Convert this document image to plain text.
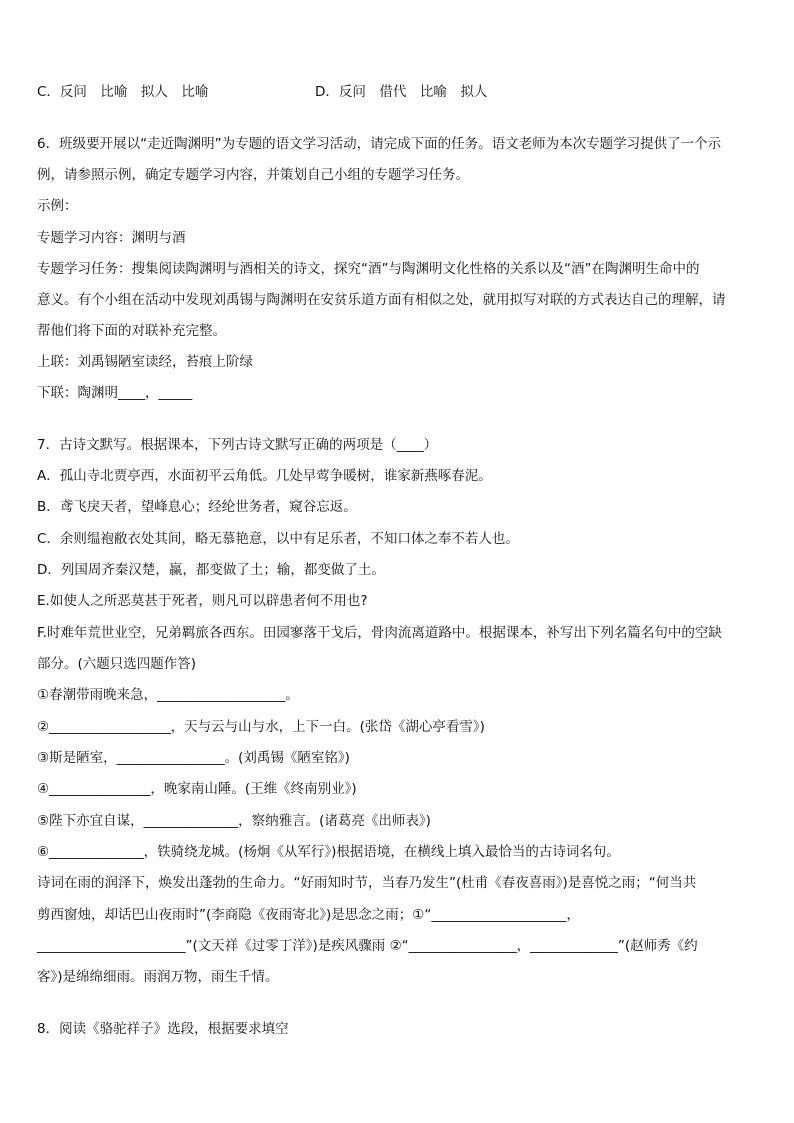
C．反问　比喻　拟人　比喻	D．反问　借代　比喻　拟人
6．班级要开展以“走近陶渊明”为专题的语文学习活动，请完成下面的任务。语文老师为本次专题学习提供了一个示
例，请参照示例，确定专题学习内容，并策划自己小组的专题学习任务。
示例：
专题学习内容：渊明与酒
专题学习任务：搜集阅读陶渊明与酒相关的诗文，探究“酒”与陶渊明文化性格的关系以及“酒”在陶渊明生命中的
意义。有个小组在活动中发现刘禹锡与陶渊明在安贫乐道方面有相似之处，就用拟写对联的方式表达自己的理解，请
帮他们将下面的对联补充完整。
上联：刘禹锡陋室读经，苔痕上阶绿
下联：陶渊明____，_____
7．古诗文默写。根据课本，下列古诗文默写正确的两项是（____）
A．孤山寺北贾亭西，水面初平云角低。几处早莺争暖树，谁家新燕啄春泥。
B．鸢飞戾天者，望峰息心；经纶世务者，窥谷忘返。
C．余则缊袍敝衣处其间，略无慕艳意，以中有足乐者，不知口体之奉不若人也。
D．列国周齐秦汉楚，赢，都变做了土；输，都变做了土。
E.如使人之所恶莫甚于死者，则凡可以辟患者何不用也?
F.时难年荒世业空，兄弟羁旅各西东。田园寥落干戈后，骨肉流离道路中。根据课本，补写出下列名篇名句中的空缺
部分。(六题只选四题作答)
①春潮带雨晚来急，___________________。
②__________________，天与云与山与水，上下一白。(张岱《湖心亭看雪》)
③斯是陋室，________________。(刘禹锡《陋室铭》)
④_______________，晚家南山陲。(王维《终南别业》)
⑤陛下亦宜自谋，______________，察纳雅言。(诸葛亮《出师表》)
⑥______________，铁骑绕龙城。(杨炯《从军行》)根据语境，在横线上填入最恰当的古诗词名句。
诗词在雨的润泽下，焕发出蓬勃的生命力。“好雨知时节，当春乃发生”(杜甫《春夜喜雨》)是喜悦之雨；“何当共
剪西窗烛，却话巴山夜雨时”(李商隐《夜雨寄北》)是思念之雨；①“____________________，
______________________”(文天祥《过零丁洋》)是疾风骤雨 ②“________________，_____________”(赵师秀《约
客》)是绵绵细雨。雨润万物，雨生千情。
8．阅读《骆驼祥子》选段，根据要求填空
